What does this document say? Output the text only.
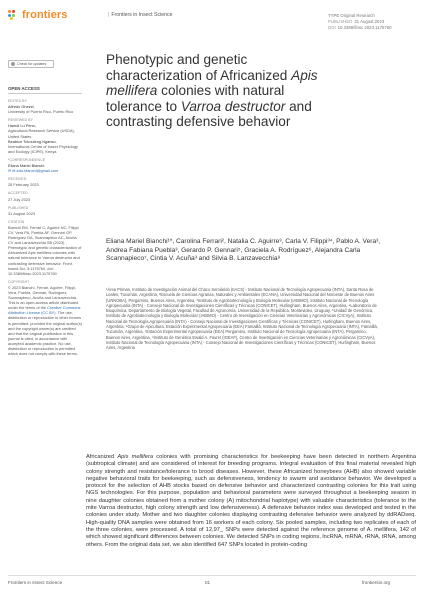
frontiers	| Frontiers in Insect Science	TYPE Original Research
PUBLISHED 31 August 2023
DOI 10.3389/finsc.2023.1175760
Check for updates
OPEN ACCESS
EDITED BY
Alfredo Ghezzi,
University of Puerto Rico, Puerto Rico
REVIEWED BY
Hamdi Lu Penn,
Agricultural Research Service (USDA),
United States
Beatrice Tchouleng Nganso,
International Centre of Insect Physiology
and Ecology (ICIPE), Kenya
*CORRESPONDENCE
Eliana Mariel Bianchi
✉ fe.edu.bianchi@gmail.com
RECEIVED
28 February 2023
ACCEPTED
27 July 2023
PUBLISHED
31 August 2023
CITATION
Bianchi EM, Ferrari C, Aguirre NC, Filippi CV, Vera PA, Puebla AF, Gennari GP, Rodríguez GA, Scannapieco AC, Acuña CV and Lanzavecchia SB (2023) Phenotypic and genetic characterization of Africanized Apis mellifera colonies with natural tolerance to Varroa destructor and contrasting defensive behavior. Front. Insect Sci. 3:1175760. doi: 10.3389/finsc.2023.1175760
COPYRIGHT
© 2023 Bianchi, Ferrari, Aguirre, Filippi, Vera, Puebla, Gennari, Rodríguez, Scannapieco, Acuña and Lanzavecchia. This is an open-access article distributed under the terms of the Creative Commons Attribution License (CC BY). The use, distribution or reproduction in other forums is permitted, provided the original author(s) and the copyright owner(s) are credited and that the original publication in this journal is cited, in accordance with accepted academic practice. No use, distribution or reproduction is permitted which does not comply with these terms.
Phenotypic and genetic characterization of Africanized Apis mellifera colonies with natural tolerance to Varroa destructor and contrasting defensive behavior
Eliana Mariel Bianchi¹*, Carolina Ferrari², Natalia C. Aguirre³, Carla V. Filippi³⁴, Pablo A. Vera³, Andrea Fabiana Puebla³, Gerardo P. Gennari⁵, Graciela A. Rodríguez⁶, Alejandra Carla Scannapieco⁷, Cintia V. Acuña³ and Silvia B. Lanzavecchia⁸
¹Área Primas, Instituto de Investigación Animal del Chaco Semiárido (IIACS) - Instituto Nacional de Tecnología Agropecuaria (INTA), Santa Rosa de Leales, Tucumán, Argentina, ²Escuela de Ciencias Agrarias, Naturales y Ambientales (ECANA), Universidad Nacional del Noroeste de Buenos Aires (UNNOBA), Pergamino, Buenos Aires, Argentina, ³Instituto de Agrobiotecnología y Biología Molecular (IABIMO), Instituto Nacional de Tecnología Agropecuaria (INTA) - Consejo Nacional de Investigaciones Científicas y Técnicas (CONICET), Hurlingham, Buenos Aires, Argentina, ⁴Laboratorio de Bioquímica, Departamento de Biología Vegetal, Facultad de Agronomía, Universidad de la República, Montevideo, Uruguay, ⁵Unidad de Genómica, Instituto de Agrobiotecnología y Biología Molecular (IABIMO) - Centro de Investigación en Ciencias Veterinarias y Agronómicas (CICVyA), Instituto Nacional de Tecnología Agropecuaria (INTA) - Consejo Nacional de Investigaciones Científicas y Técnicas (CONICET), Hurlingham, Buenos Aires, Argentina, ⁶Grupo de Apicultura, Estación Experimental Agropecuaria (EEA) Famaillá, Instituto Nacional de Tecnología Agropecuaria (INTA), Famaillá, Tucumán, Argentina, ⁷Estación Experimental Agropecuaria (EEA) Pergamino, Instituto Nacional de Tecnología Agropecuaria (INTA), Pergamino, Buenos Aires, Argentina, ⁸Instituto de Genética Ewald A. Favret (IGEAF), Centro de Investigación en Ciencias Veterinarias y Agronómicas (CICVyA), Instituto Nacional de Tecnología Agropecuaria (INTA) - Consejo Nacional de Investigaciones Científicas y Técnicas (CONICET), Hurlingham, Buenos Aires, Argentina
Africanized Apis mellifera colonies with promising characteristics for beekeeping have been detected in northern Argentina (subtropical climate) and are considered of interest for breeding programs. Integral evaluation of this final material revealed high colony strength and resistance/tolerance to brood diseases. However, these Africanized honeybees (AHB) also showed variable negative behavioral traits for beekeeping, such as defensiveness, tendency to swarm and avoidance behavior. We developed a protocol for the selection of AHB stocks based on defensive behavior and characterized contrasting colonies for this trait using NGS technologies. For this purpose, population and behavioral parameters were surveyed throughout a beekeeping season in nine daughter colonies obtained from a mother colony (A) mitochondrial haplotype) with valuable characteristics (tolerance to the mite Varroa destructor, high colony strength and low defensiveness). A defensive behavior index was developed and tested in the colonies under study. Mother and two daughter colonies displaying contrasting defensive behavior were analyzed by ddRADseq. High-quality DNA samples were obtained from 16 workers of each colony. Six pooled samples, including two replicates of each of the three colonies, were processed. A total of 12,97_ SNPs were detected against the reference genome of A. mellifera, 142 of which showed significant differences between colonies. We detected SNPs in coding regions, lncRNA, mRNA, rRNA, tRNA, among others. From the original data set, we also identified 647 SNPs located in protein-coding
Frontiers in Insect Science	01	frontiersin.org
